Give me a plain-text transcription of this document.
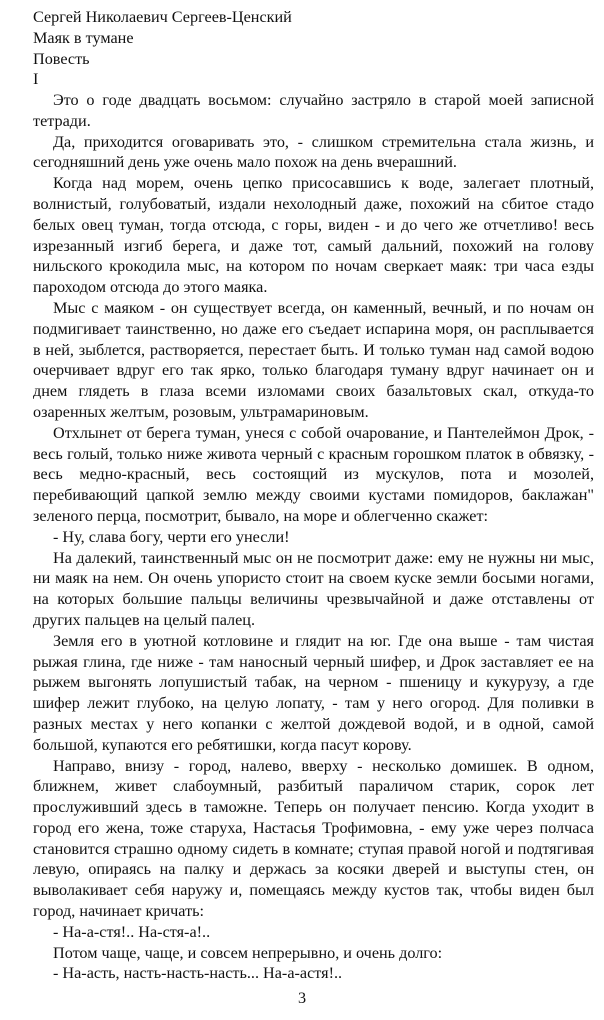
Сергей Николаевич Сергеев-Ценский
Маяк в тумане
Повесть
I

Это о годе двадцать восьмом: случайно застряло в старой моей записной тетради.

Да, приходится оговаривать это, - слишком стремительна стала жизнь, и сегодняшний день уже очень мало похож на день вчерашний.

Когда над морем, очень цепко присосавшись к воде, залегает плотный, волнистый, голубоватый, издали нехолодный даже, похожий на сбитое стадо белых овец туман, тогда отсюда, с горы, виден - и до чего же отчетливо! весь изрезанный изгиб берега, и даже тот, самый дальний, похожий на голову нильского крокодила мыс, на котором по ночам сверкает маяк: три часа езды пароходом отсюда до этого маяка.

Мыс с маяком - он существует всегда, он каменный, вечный, и по ночам он подмигивает таинственно, но даже его съедает испарина моря, он расплывается в ней, зыблется, растворяется, перестает быть. И только туман над самой водою очерчивает вдруг его так ярко, только благодаря туману вдруг начинает он и днем глядеть в глаза всеми изломами своих базальтовых скал, откуда-то озаренных желтым, розовым, ультрамариновым.

Отхлынет от берега туман, унеся с собой очарование, и Пантелеймон Дрок, - весь голый, только ниже живота черный с красным горошком платок в обвязку, - весь медно-красный, весь состоящий из мускулов, пота и мозолей, перебивающий цапкой землю между своими кустами помидоров, баклажан" зеленого перца, посмотрит, бывало, на море и облегченно скажет:

- Ну, слава богу, черти его унесли!

На далекий, таинственный мыс он не посмотрит даже: ему не нужны ни мыс, ни маяк на нем. Он очень упористо стоит на своем куске земли босыми ногами, на которых большие пальцы величины чрезвычайной и даже отставлены от других пальцев на целый палец.

Земля его в уютной котловине и глядит на юг. Где она выше - там чистая рыжая глина, где ниже - там наносный черный шифер, и Дрок заставляет ее на рыжем выгонять лопушистый табак, на черном - пшеницу и кукурузу, а где шифер лежит глубоко, на целую лопату, - там у него огород. Для поливки в разных местах у него копанки с желтой дождевой водой, и в одной, самой большой, купаются его ребятишки, когда пасут корову.

Направо, внизу - город, налево, вверху - несколько домишек. В одном, ближнем, живет слабоумный, разбитый параличом старик, сорок лет прослуживший здесь в таможне. Теперь он получает пенсию. Когда уходит в город его жена, тоже старуха, Настасья Трофимовна, - ему уже через полчаса становится страшно одному сидеть в комнате; ступая правой ногой и подтягивая левую, опираясь на палку и держась за косяки дверей и выступы стен, он выволакивает себя наружу и, помещаясь между кустов так, чтобы виден был город, начинает кричать:

- На-а-стя!.. На-стя-а!..

Потом чаще, чаще, и совсем непрерывно, и очень долго:

- На-асть, насть-насть-насть... На-а-астя!..

3
